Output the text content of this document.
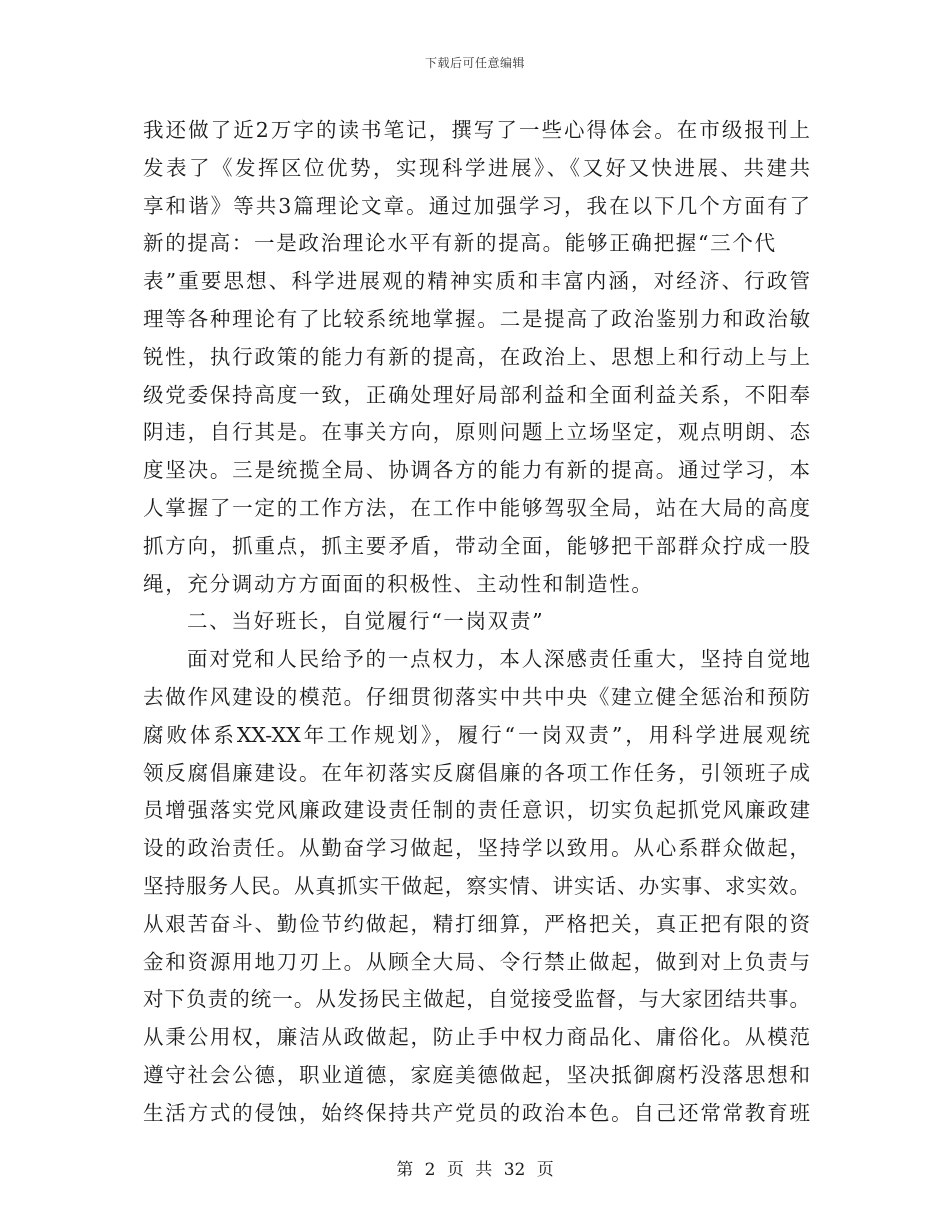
下载后可任意编辑
我还做了近2万字的读书笔记，撰写了一些心得体会。在市级报刊上
发表了《发挥区位优势，实现科学进展》、《又好又快进展、共建共
享和谐》等共3篇理论文章。通过加强学习，我在以下几个方面有了
新的提高：一是政治理论水平有新的提高。能够正确把握“三个代
表”重要思想、科学进展观的精神实质和丰富内涵，对经济、行政管
理等各种理论有了比较系统地掌握。二是提高了政治鉴别力和政治敏
锐性，执行政策的能力有新的提高，在政治上、思想上和行动上与上
级党委保持高度一致，正确处理好局部利益和全面利益关系，不阳奉
阴违，自行其是。在事关方向，原则问题上立场坚定，观点明朗、态
度坚决。三是统揽全局、协调各方的能力有新的提高。通过学习，本
人掌握了一定的工作方法，在工作中能够驾驭全局，站在大局的高度
抓方向，抓重点，抓主要矛盾，带动全面，能够把干部群众拧成一股
绳，充分调动方方面面的积极性、主动性和制造性。
二、当好班长，自觉履行“一岗双责”
面对党和人民给予的一点权力，本人深感责任重大，坚持自觉地
去做作风建设的模范。仔细贯彻落实中共中央《建立健全惩治和预防
腐败体系XX-XX年工作规划》，履行“一岗双责”，用科学进展观统
领反腐倡廉建设。在年初落实反腐倡廉的各项工作任务，引领班子成
员增强落实党风廉政建设责任制的责任意识，切实负起抓党风廉政建
设的政治责任。从勤奋学习做起，坚持学以致用。从心系群众做起，
坚持服务人民。从真抓实干做起，察实情、讲实话、办实事、求实效。
从艰苦奋斗、勤俭节约做起，精打细算，严格把关，真正把有限的资
金和资源用地刀刃上。从顾全大局、令行禁止做起，做到对上负责与
对下负责的统一。从发扬民主做起，自觉接受监督，与大家团结共事。
从秉公用权，廉洁从政做起，防止手中权力商品化、庸俗化。从模范
遵守社会公德，职业道德，家庭美德做起，坚决抵御腐朽没落思想和
生活方式的侵蚀，始终保持共产党员的政治本色。自己还常常教育班
第 2 页 共 32 页
